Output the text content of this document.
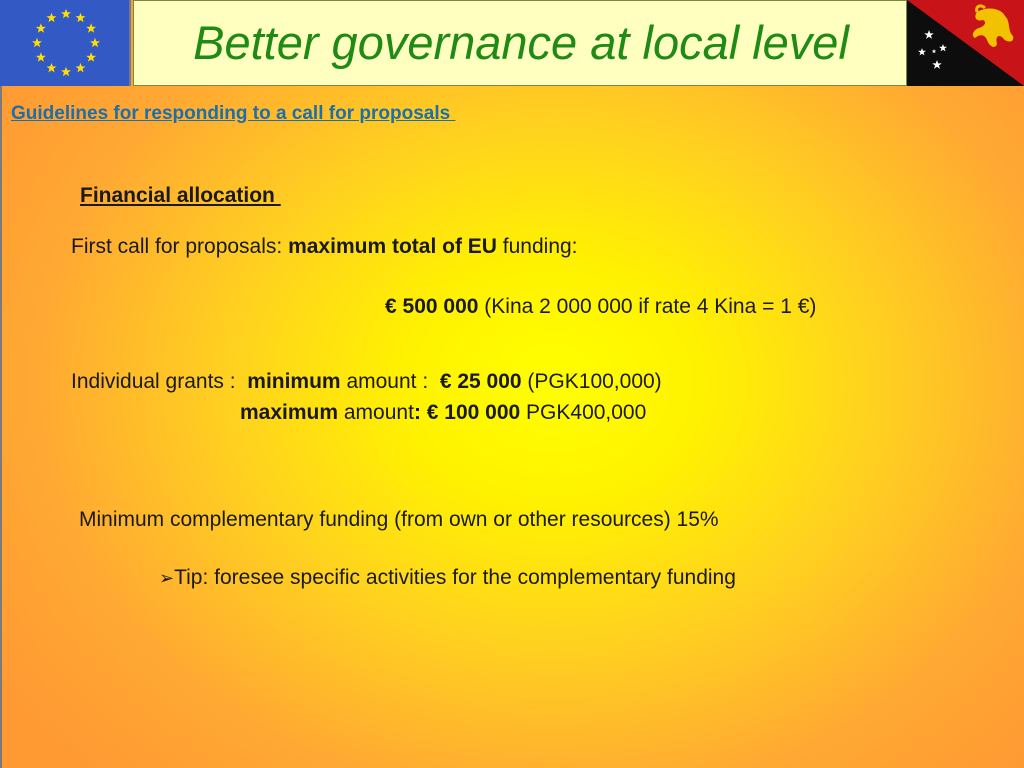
Better governance at local level
Guidelines for responding to a call for proposals
Financial allocation
First call for proposals: maximum total of EU funding:
€ 500 000 (Kina 2 000 000 if rate 4 Kina = 1 €)
Individual grants :  minimum amount :  € 25 000 (PGK100,000)
maximum amount: € 100 000 PGK400,000
Minimum complementary funding (from own or other resources) 15%
➢Tip: foresee specific activities for the complementary funding
